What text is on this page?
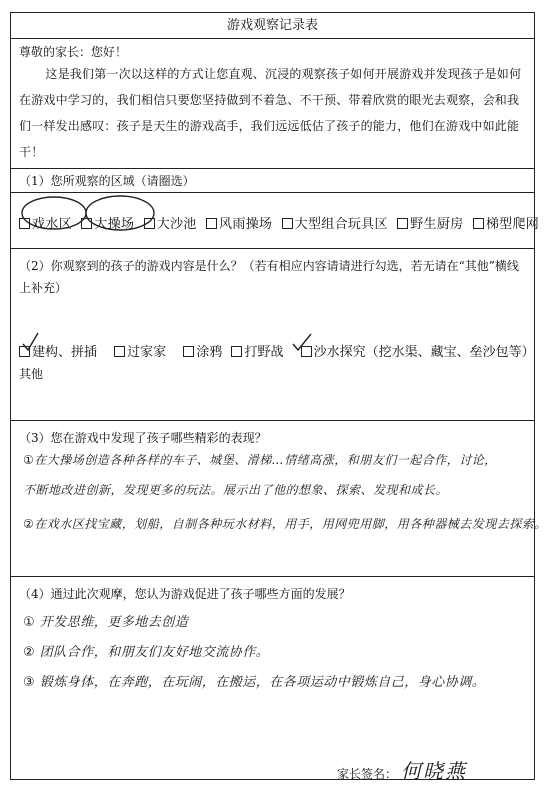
游戏观察记录表
尊敬的家长：您好！
这是我们第一次以这样的方式让您直观、沉浸的观察孩子如何开展游戏并发现孩子是如何在游戏中学习的，我们相信只要您坚持做到不着急、不干预、带着欣赏的眼光去观察，会和我们一样发出感叹：孩子是天生的游戏高手，我们远远低估了孩子的能力，他们在游戏中如此能干！
（1）您所观察的区域（请圈选）
戏水区 大操场 大沙池 风雨操场 大型组合玩具区 野生厨房 梯型爬网
（2）你观察到的孩子的游戏内容是什么？（若有相应内容请请进行勾选，若无请在“其他”横线上补充）
建构、拼插 过家家 涂鸦 打野战 沙水探究（挖水渠、藏宝、垒沙包等）
其他
（3）您在游戏中发现了孩子哪些精彩的表现？
①在大操场创造各种各样的车子、城堡、滑梯…情绪高涨，和朋友们一起合作，讨论，
不断地改进创新，发现更多的玩法。展示出了他的想象、探索、发现和成长。
②在戏水区找宝藏，划船，自制各种玩水材料，用手，用网兜用脚，用各种器械去发现去探索。
（4）通过此次观摩，您认为游戏促进了孩子哪些方面的发展？
① 开发思维，更多地去创造
② 团队合作，和朋友们友好地交流协作。
③ 锻炼身体，在奔跑，在玩闹，在搬运，在各项运动中锻炼自己，身心协调。
家长签名： 何晓燕
